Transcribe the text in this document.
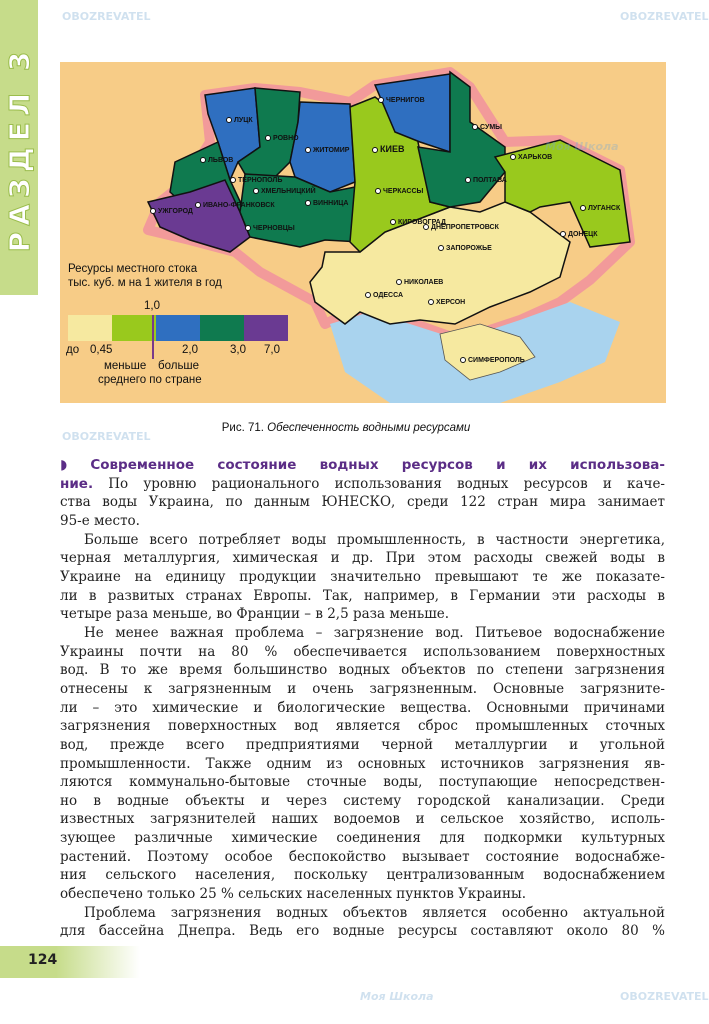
РАЗДЕЛ 3	ЛУЦК
РОВНО
ЖИТОМИР
ЛЬВОВ
ТЕРНОПОЛЬ
ХМЕЛЬНИЦКИЙ
ВИННИЦА
ИВАНО-ФРАНКОВСК
УЖГОРОД
ЧЕРНОВЦЫ
ЧЕРНИГОВ
СУМЫ
КИЕВ
ХАРЬКОВ
ПОЛТАВА
ЧЕРКАССЫ
ЛУГАНСК
КИРОВОГРАД
ДНЕПРОПЕТРОВСК
ДОНЕЦК
ЗАПОРОЖЬЕ
НИКОЛАЕВ
ОДЕССА
ХЕРСОН
СИМФЕРОПОЛЬ
Ресурсы местного стока
тыс. куб. м на 1 жителя в год
1,0
до 0,45	2,0	3,0 7,0
меньше больше
среднего по стране
Рис. 71. Обеспеченность водными ресурсами
◗ Современное состояние водных ресурсов и их использова-
ние. По уровню рационального использования водных ресурсов и каче-
ства воды Украина, по данным ЮНЕСКО, среди 122 стран мира занимает
95-е место.
Больше всего потребляет воды промышленность, в частности энергетика,
черная металлургия, химическая и др. При этом расходы свежей воды в
Украине на единицу продукции значительно превышают те же показате-
ли в развитых странах Европы. Так, например, в Германии эти расходы в
четыре раза меньше, во Франции – в 2,5 раза меньше.
Не менее важная проблема – загрязнение вод. Питьевое водоснабжение
Украины почти на 80 % обеспечивается использованием поверхностных
вод. В то же время большинство водных объектов по степени загрязнения
отнесены к загрязненным и очень загрязненным. Основные загрязните-
ли – это химические и биологические вещества. Основными причинами
загрязнения поверхностных вод является сброс промышленных сточных
вод, прежде всего предприятиями черной металлургии и угольной
промышленности. Также одним из основных источников загрязнения яв-
ляются коммунально-бытовые сточные воды, поступающие непосредствен-
но в водные объекты и через систему городской канализации. Среди
известных загрязнителей наших водоемов и сельское хозяйство, исполь-
зующее различные химические соединения для подкормки культурных
растений. Поэтому особое беспокойство вызывает состояние водоснабже-
ния сельского населения, поскольку централизованным водоснабжением
обеспечено только 25 % сельских населенных пунктов Украины.
Проблема загрязнения водных объектов является особенно актуальной
для бассейна Днепра. Ведь его водные ресурсы составляют около 80 %
124
OBOZREVATEL	OBOZREVATEL
Моя Школа
OBOZREVATEL
Моя Школа	OBOZREVATEL
